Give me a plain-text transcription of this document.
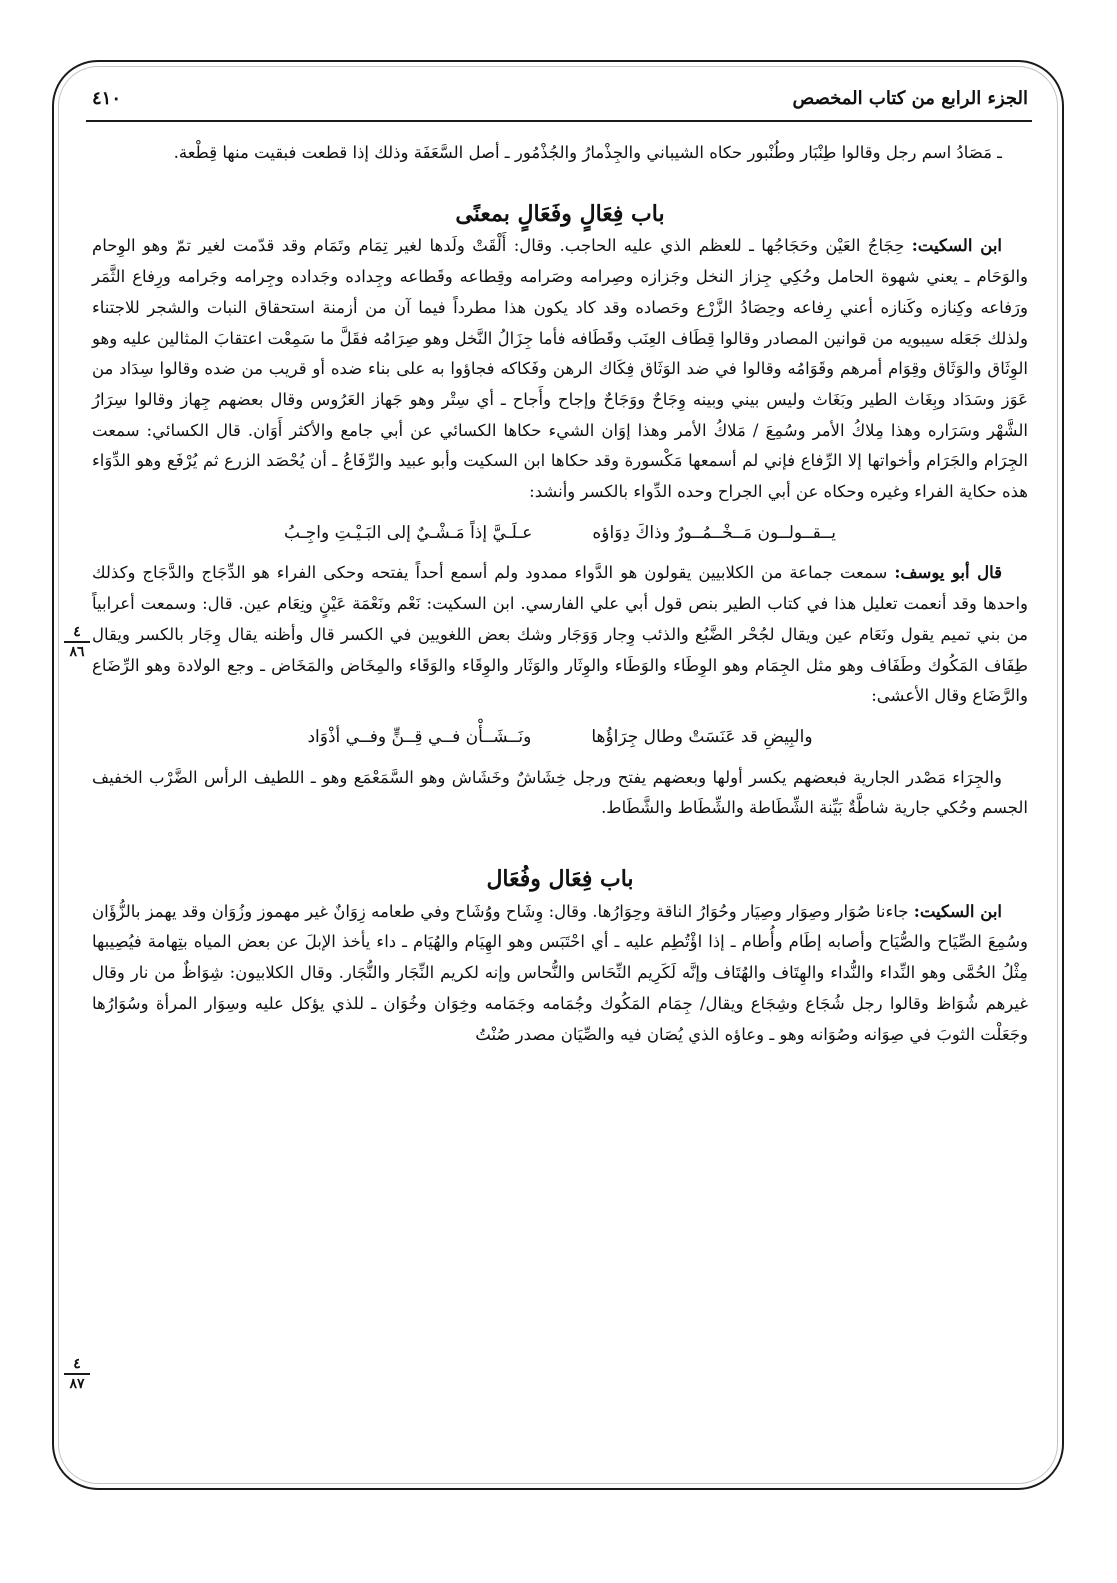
٤١٠	الجزء الرابع من كتاب المخصص
٤
٨٦
٤
٨٧

ـ مَصَادُ اسم رجل وقالوا طِنْبَار وطُنْبور حكاه الشيباني والجِذْمارُ والجُذْمُور ـ أصل السَّعَفَة وذلك إذا قطعت فبقيت منها قِطْعة.

باب فِعَالٍ وفَعَالٍ بمعنًى

ابن السكيت: حِجَاجُ العَيْن وحَجَاجُها ـ للعظم الذي عليه الحاجب. وقال: أَلْقَتْ ولَدها لغير تِمَام وتَمَام وقد قدّمت لغير تمّ وهو الوِحام والوَحَام ـ يعني شهوة الحامل وحُكِي جِزاز النخل وجَزازه وصِرامه وصَرامه وقِطاعه وقَطاعه وجِداده وجَداده وجِرامه وجَرامه ورِفاع الثَّمَر ورَفاعه وكِنازه وكَنازه أعني رِفاعه وحِصَادُ الزَّرْع وحَصاده وقد كاد يكون هذا مطرداً فيما آن من أزمنة استحقاق النبات والشجر للاجتناء ولذلك جَعَله سيبويه من قوانين المصادر وقالوا قِطَاف العِنَب وقَطَافه فأما جِزَالُ النَّخل وهو صِرَامُه فقَلَّ ما سَمِعْت اعتقابَ المثالين عليه وهو الوِثَاق والوَثَاق وقِوَام أمرهم وقَوَامُه وقالوا في ضد الوَثَاق فِكَاك الرهن وفَكاكه فجاؤوا به على بناء ضده أو قريب من ضده وقالوا سِدَاد من عَوَز وسَدَاد وبِغَاث الطير وبَغَاث وليس بيني وبينه وِجَاحٌ ووَجَاحٌ وإجاح وأَجاح ـ أي سِتْر وهو جَهاز العَرُوس وقال بعضهم جِهاز وقالوا سِرَارُ الشَّهْر وسَرَاره وهذا مِلاكُ الأمر وسُمِعَ / مَلاكُ الأمر وهذا إوَان الشيء حكاها الكسائي عن أبي جامع والأكثر أَوَان. قال الكسائي: سمعت الجِرَام والجَرَام وأخواتها إلا الرِّفاع فإني لم أسمعها مَكْسورة وقد حكاها ابن السكيت وأبو عبيد والرِّفَاعُ ـ أن يُحْصَد الزرع ثم يُرْفَع وهو الدِّوَاء هذه حكاية الفراء وغيره وحكاه عن أبي الجراح وحده الدِّواء بالكسر وأنشد:

يــقــولــون مَــخْــمُــورٌ وذاكَ دِوَاؤه
عـلَـيَّ إذاً مَـشْـيٌ إلى البَـيْـتِ واجِـبُ

قال أبو يوسف: سمعت جماعة من الكلابيين يقولون هو الدَّواء ممدود ولم أسمع أحداً يفتحه وحكى الفراء هو الدِّجَاج والدَّجَاج وكذلك واحدها وقد أنعمت تعليل هذا في كتاب الطير بنص قول أبي علي الفارسي. ابن السكيت: نَعْم ونَعْمَة عَيْنٍ ونِعَام عين. قال: وسمعت أعرابياً من بني تميم يقول ونَعَام عين ويقال لجُحْر الضَّبُع والذئب وِجار وَوَجَار وشك بعض اللغويين في الكسر قال وأظنه يقال وِجَار بالكسر ويقال طِفَاف المَكُوك وطَفَاف وهو مثل الجِمَام وهو الوِطَاء والوَطَاء والوِثَار والوَثَار والوِقَاء والوَقَاء والمِخَاض والمَخَاض ـ وجع الولادة وهو الرِّضَاع والرَّضَاع وقال الأعشى:

والبِيضِ قد عَنَسَتْ وطال جِرَاؤُها
ونَــشَــأْن فــي قِــنٍّ وفــي أذْوَاد

والجِرَاء مَصْدر الجارية فبعضهم يكسر أولها وبعضهم يفتح ورجل خِشَاشٌ وخَشَاش وهو السَّمَعْمَع وهو ـ اللطيف الرأس الضَّرْب الخفيف الجسم وحُكي جارية شاطَّةٌ بَيِّنة الشِّطَاطة والشِّطَاط والشَّطَاط.

باب فِعَال وفُعَال

ابن السكيت: جاءنا صُوَار وصِوَار وصِيَار وحُوَارُ الناقة وحِوَارُها. وقال: وِشَاح ووُشَاح وفي طعامه زِوَانٌ غير مهموز وزُوَان وقد يهمز بالزُّؤَان وسُمِعَ الصِّيَاح والصُّيَاح وأصابه إطَام وأُطام ـ إذا اؤْتُطِم عليه ـ أي احْتَبَس وهو الهِيَام والهُيَام ـ داء يأخذ الإبلَ عن بعض المياه بتِهامة فيُصِيبها مِثْلُ الحُمَّى وهو النِّداء والنُّداء والهِتَاف والهُتَاف وإنَّه لَكَرِيم النِّحَاس والنُّحاس وإنه لكريم النِّجَار والنُّجَار. وقال الكلابيون: شِوَاظٌ من نار وقال غيرهم شُوَاظ وقالوا رجل شُجَاع وشِجَاع ويقال/ جِمَام المَكُوك وجُمَامه وجَمَامه وخِوَان وخُوَان ـ للذي يؤكل عليه وسِوَار المرأة وسُوَارُها وجَعَلْت الثوبَ في صِوَانه وصُوَانه وهو ـ وعاؤه الذي يُصَان فيه والصِّيَان مصدر صُنْتُ
